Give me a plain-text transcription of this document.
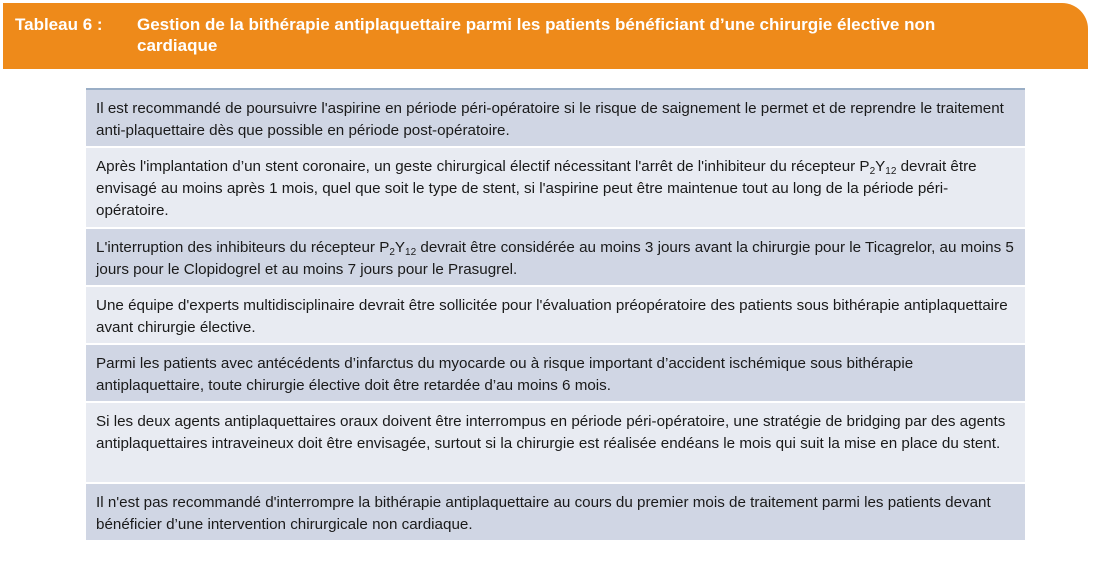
Tableau 6 : Gestion de la bithérapie antiplaquettaire parmi les patients bénéficiant d’une chirurgie élective non cardiaque
Il est recommandé de poursuivre l'aspirine en période péri-opératoire si le risque de saignement le permet et de reprendre le traitement anti-plaquettaire dès que possible en période post-opératoire.
Après l'implantation d’un stent coronaire, un geste chirurgical électif nécessitant l'arrêt de l'inhibiteur du récepteur $P_2Y_{12}$ devrait être envisagé au moins après 1 mois, quel que soit le type de stent, si l'aspirine peut être maintenue tout au long de la période péri-opératoire.
L'interruption des inhibiteurs du récepteur $P_2Y_{12}$ devrait être considérée au moins 3 jours avant la chirurgie pour le Ticagrelor, au moins 5 jours pour le Clopidogrel et au moins 7 jours pour le Prasugrel.
Une équipe d'experts multidisciplinaire devrait être sollicitée pour l'évaluation préopératoire des patients sous bithérapie antiplaquettaire avant chirurgie élective.
Parmi les patients avec antécédents d’infarctus du myocarde ou à risque important d’accident ischémique sous bithérapie antiplaquettaire, toute chirurgie élective doit être retardée d’au moins 6 mois.
Si les deux agents antiplaquettaires oraux doivent être interrompus en période péri-opératoire, une stratégie de bridging par des agents antiplaquettaires intraveineux doit être envisagée, surtout si la chirurgie est réalisée endéans le mois qui suit la mise en place du stent.
Il n'est pas recommandé d'interrompre la bithérapie antiplaquettaire au cours du premier mois de traitement parmi les patients devant bénéficier d’une intervention chirurgicale non cardiaque.
